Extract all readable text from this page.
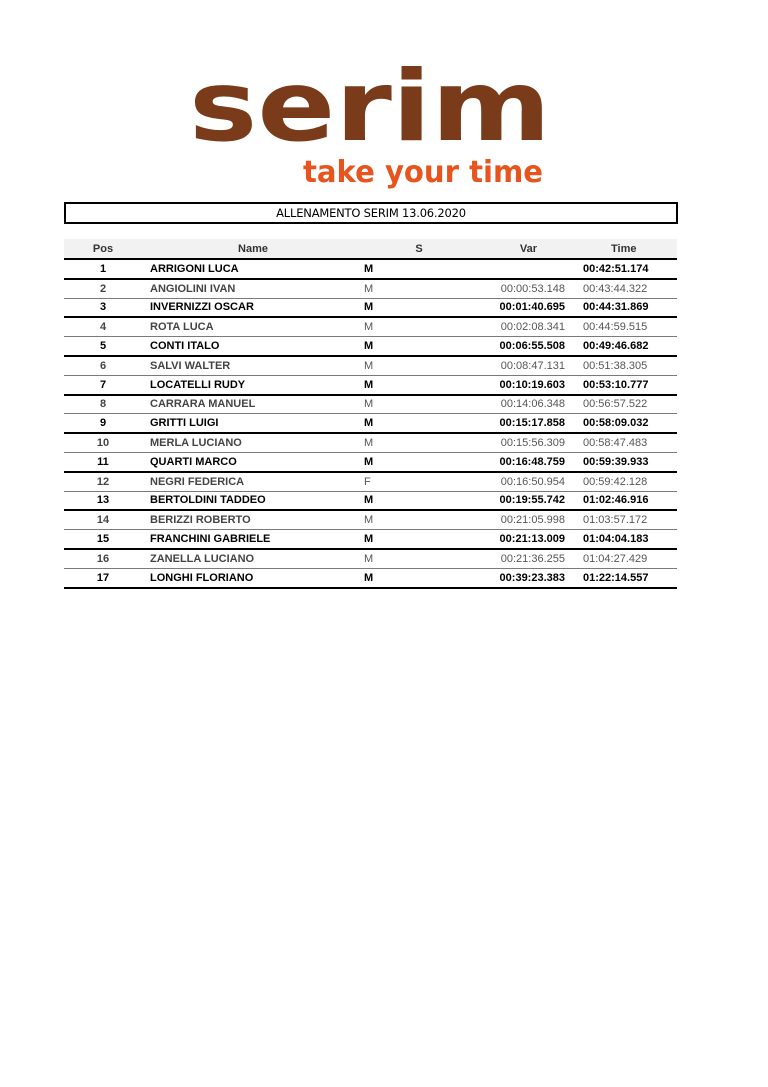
serim
take your time
ALLENAMENTO SERIM 13.06.2020
Pos	Name	S	Var	Time
1	ARRIGONI LUCA	M		00:42:51.174
2	ANGIOLINI IVAN	M	00:00:53.148	00:43:44.322
3	INVERNIZZI OSCAR	M	00:01:40.695	00:44:31.869
4	ROTA LUCA	M	00:02:08.341	00:44:59.515
5	CONTI ITALO	M	00:06:55.508	00:49:46.682
6	SALVI WALTER	M	00:08:47.131	00:51:38.305
7	LOCATELLI RUDY	M	00:10:19.603	00:53:10.777
8	CARRARA MANUEL	M	00:14:06.348	00:56:57.522
9	GRITTI LUIGI	M	00:15:17.858	00:58:09.032
10	MERLA LUCIANO	M	00:15:56.309	00:58:47.483
11	QUARTI MARCO	M	00:16:48.759	00:59:39.933
12	NEGRI FEDERICA	F	00:16:50.954	00:59:42.128
13	BERTOLDINI TADDEO	M	00:19:55.742	01:02:46.916
14	BERIZZI ROBERTO	M	00:21:05.998	01:03:57.172
15	FRANCHINI GABRIELE	M	00:21:13.009	01:04:04.183
16	ZANELLA LUCIANO	M	00:21:36.255	01:04:27.429
17	LONGHI FLORIANO	M	00:39:23.383	01:22:14.557
